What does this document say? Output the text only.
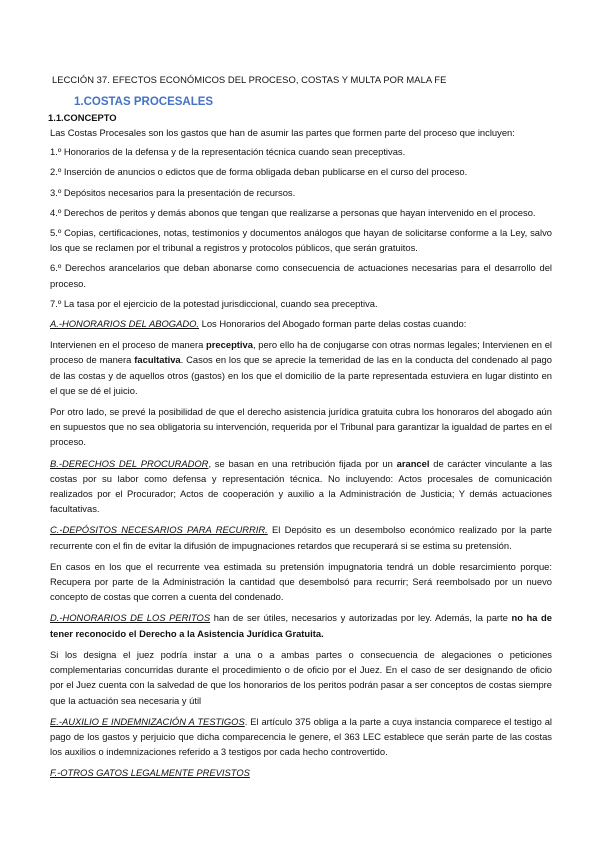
LECCIÓN 37. EFECTOS ECONÓMICOS DEL PROCESO, COSTAS Y MULTA POR MALA FE
1.COSTAS PROCESALES
1.1.CONCEPTO

Las Costas Procesales son los gastos que han de asumir las partes que formen parte del proceso que incluyen:

1.º Honorarios de la defensa y de la representación técnica cuando sean preceptivas.

2.º Inserción de anuncios o edictos que de forma obligada deban publicarse en el curso del proceso.

3.º Depósitos necesarios para la presentación de recursos.

4.º Derechos de peritos y demás abonos que tengan que realizarse a personas que hayan intervenido en el proceso.

5.º Copias, certificaciones, notas, testimonios y documentos análogos que hayan de solicitarse conforme a la Ley, salvo los que se reclamen por el tribunal a registros y protocolos públicos, que serán gratuitos.

6.º Derechos arancelarios que deban abonarse como consecuencia de actuaciones necesarias para el desarrollo del proceso.

7.º La tasa por el ejercicio de la potestad jurisdiccional, cuando sea preceptiva.

A.-HONORARIOS DEL ABOGADO. Los Honorarios del Abogado forman parte delas costas cuando:

Intervienen en el proceso de manera preceptiva, pero ello ha de conjugarse con otras normas legales; Intervienen en el proceso de manera facultativa. Casos en los que se aprecie la temeridad de las en la conducta del condenado al pago de las costas y de aquellos otros (gastos) en los que el domicilio de la parte representada estuviera en lugar distinto en el que se dé el juicio.

Por otro lado, se prevé la posibilidad de que el derecho asistencia jurídica gratuita cubra los honoraros del abogado aún en supuestos que no sea obligatoria su intervención, requerida por el Tribunal para garantizar la igualdad de partes en el proceso.

B.-DERECHOS DEL PROCURADOR, se basan en una retribución fijada por un arancel de carácter vinculante a las costas por su labor como defensa y representación técnica. No incluyendo: Actos procesales de comunicación realizados por el Procurador; Actos de cooperación y auxilio a la Administración de Justicia; Y demás actuaciones facultativas.

C.-DEPÓSITOS NECESARIOS PARA RECURRIR. El Depósito es un desembolso económico realizado por la parte recurrente con el fin de evitar la difusión de impugnaciones retardos que recuperará si se estima su pretensión.

En casos en los que el recurrente vea estimada su pretensión impugnatoria tendrá un doble resarcimiento porque: Recupera por parte de la Administración la cantidad que desembolsó para recurrir; Será reembolsado por un nuevo concepto de costas que corren a cuenta del condenado.

D.-HONORARIOS DE LOS PERITOS han de ser útiles, necesarios y autorizadas por ley. Además, la parte no ha de tener reconocido el Derecho a la Asistencia Jurídica Gratuita.

Si los designa el juez podría instar a una o a ambas partes o consecuencia de alegaciones o peticiones complementarias concurridas durante el procedimiento o de oficio por el Juez. En el caso de ser designando de oficio por el Juez cuenta con la salvedad de que los honorarios de los peritos podrán pasar a ser conceptos de costas siempre que la actuación sea necesaria y útil

E.-AUXILIO E INDEMNIZACIÓN A TESTIGOS. El artículo 375 obliga a la parte a cuya instancia comparece el testigo al pago de los gastos y perjuicio que dicha comparecencia le genere, el 363 LEC establece que serán parte de las costas los auxilios o indemnizaciones referido a 3 testigos por cada hecho controvertido.

F.-OTROS GATOS LEGALMENTE PREVISTOS
